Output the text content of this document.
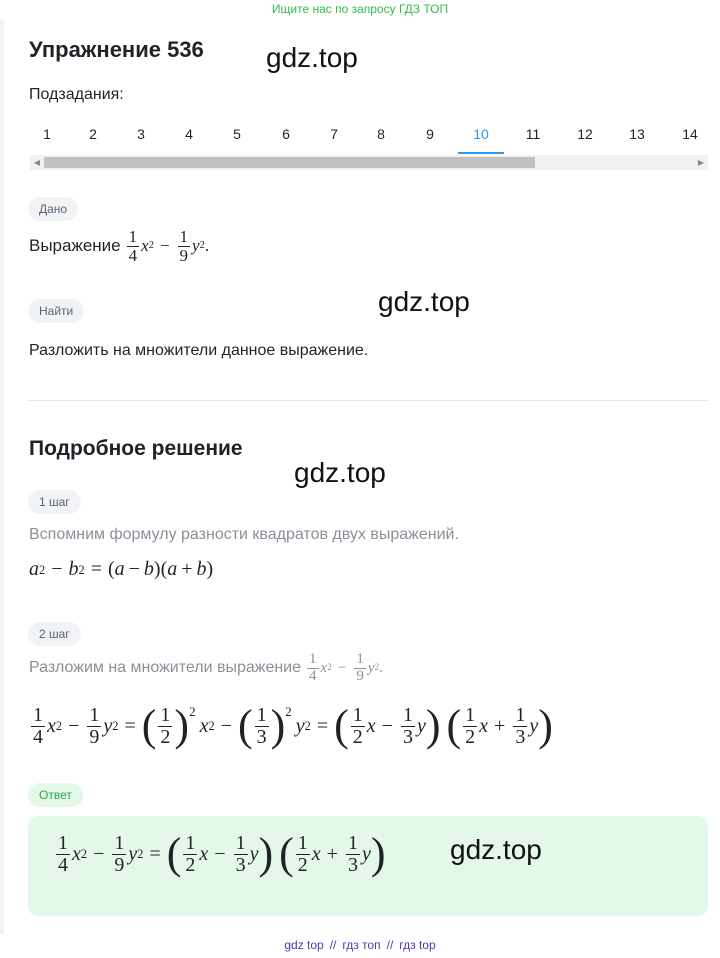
Ищите нас по запросу ГДЗ ТОП
Упражнение 536 gdz.top
Подзадания:
1	2	3	4	5	6	7	8	9	10	11	12	13	14
◀	▶
Дано
Выражение $\frac{1}{4}$ x $2 - \frac{1}{9}$ y 2 .
gdz.top
Найти
Разложить на множители данное выражение.
Подробное решение
gdz.top
1 шаг
Вспомним формулу разности квадратов двух выражений.
a 2 − b 2 = ( a − b )( a + b )
2 шаг
Разложим на множители выражение $\frac{1}{4}$ x $2 - \frac{1}{9}$ y 2 .
$\frac{1}{4}$ x $2 - \frac{1}{9}$ y 2 = ( $\frac{1}{2} )^2$
x 2 − ( $\frac{1}{3} )^2$
y 2 = ( $\frac{1}{2}$ $x - \frac{1}{3}$ y ) ( $\frac{1}{2}$ $x + \frac{1}{3}$ y )
Ответ
$\frac{1}{4}$ x $2 - \frac{1}{9}$ y 2 = ( $\frac{1}{2}$ $x - \frac{1}{3}$ y ) ( $\frac{1}{2}$ $x + \frac{1}{3}$ y ) gdz.top
gdz top // гдз топ // гдз top
